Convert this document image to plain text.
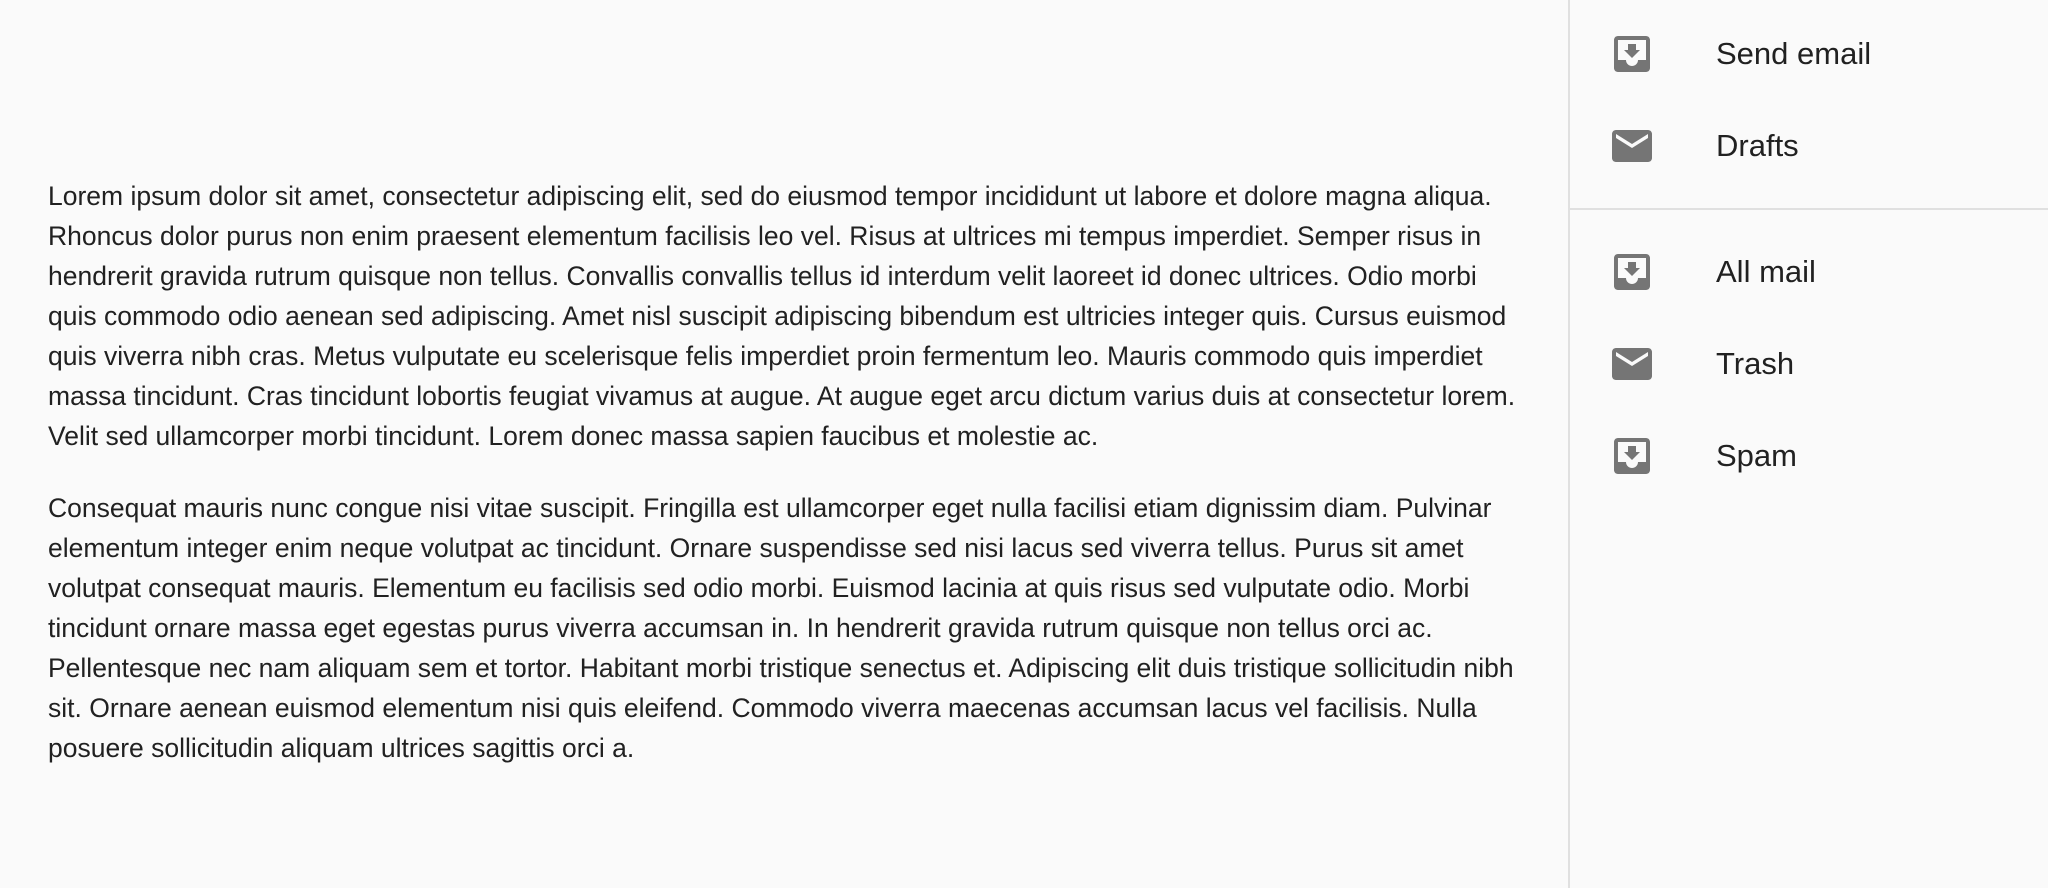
Lorem ipsum dolor sit amet, consectetur adipiscing elit, sed do eiusmod tempor incididunt ut labore et dolore magna aliqua. Rhoncus dolor purus non enim praesent elementum facilisis leo vel. Risus at ultrices mi tempus imperdiet. Semper risus in hendrerit gravida rutrum quisque non tellus. Convallis convallis tellus id interdum velit laoreet id donec ultrices. Odio morbi quis commodo odio aenean sed adipiscing. Amet nisl suscipit adipiscing bibendum est ultricies integer quis. Cursus euismod quis viverra nibh cras. Metus vulputate eu scelerisque felis imperdiet proin fermentum leo. Mauris commodo quis imperdiet massa tincidunt. Cras tincidunt lobortis feugiat vivamus at augue. At augue eget arcu dictum varius duis at consectetur lorem. Velit sed ullamcorper morbi tincidunt. Lorem donec massa sapien faucibus et molestie ac.

Consequat mauris nunc congue nisi vitae suscipit. Fringilla est ullamcorper eget nulla facilisi etiam dignissim diam. Pulvinar elementum integer enim neque volutpat ac tincidunt. Ornare suspendisse sed nisi lacus sed viverra tellus. Purus sit amet volutpat consequat mauris. Elementum eu facilisis sed odio morbi. Euismod lacinia at quis risus sed vulputate odio. Morbi tincidunt ornare massa eget egestas purus viverra accumsan in. In hendrerit gravida rutrum quisque non tellus orci ac. Pellentesque nec nam aliquam sem et tortor. Habitant morbi tristique senectus et. Adipiscing elit duis tristique sollicitudin nibh sit. Ornare aenean euismod elementum nisi quis eleifend. Commodo viverra maecenas accumsan lacus vel facilisis. Nulla posuere sollicitudin aliquam ultrices sagittis orci a.

Send email
Drafts
All mail
Trash
Spam
